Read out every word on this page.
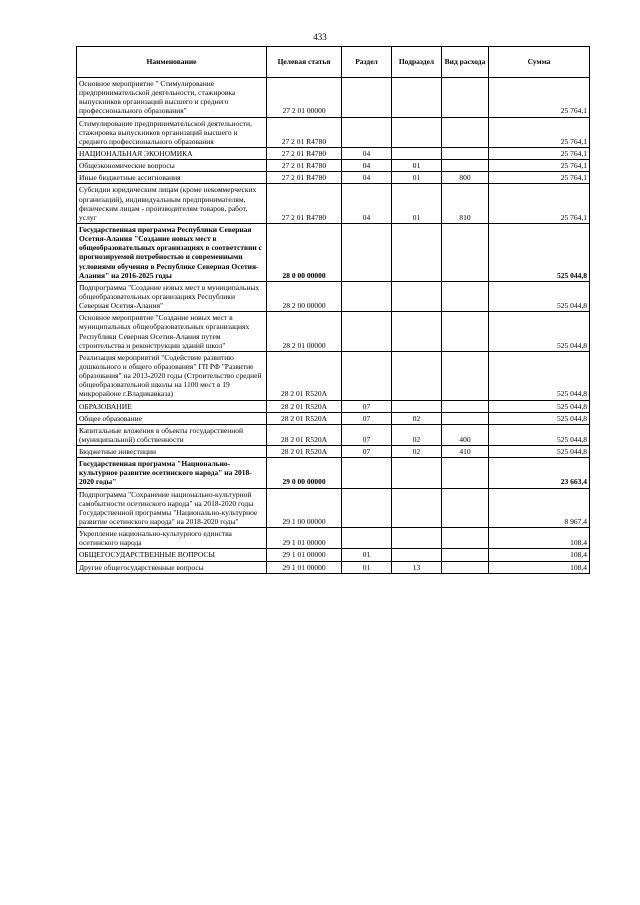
433
Наименование	Целевая статья	Раздел	Подраздел	Вид расхода	Сумма
Основное мероприятие " Стимулирование предпринимательской деятельности, стажировка выпускников организаций высшего и среднего профессионального образования"	27 2 01 00000				25 764,1
Стимулирование предпринимательской деятельности, стажировка выпускников организаций высшего и среднего профессионального образования	27 2 01 R4780				25 764,1
НАЦИОНАЛЬНАЯ ЭКОНОМИКА	27 2 01 R4780	04			25 764,1
Общеэкономические вопросы	27 2 01 R4780	04	01		25 764,1
Иные бюджетные ассигнования	27 2 01 R4780	04	01	800	25 764,1
Субсидии юридическим лицам (кроме некоммерческих организаций), индивидуальным предпринимателям, физическим лицам - производителям товаров, работ, услуг	27 2 01 R4780	04	01	810	25 764,1
Государственная программа Республики Северная Осетия-Алания "Создание новых мест в общеобразовательных организациях в соответствии с прогнозируемой потребностью и современными условиями обучения в Республике Северная Осетия-Алания" на 2016-2025 годы	28 0 00 00000				525 044,8
Подпрограмма "Создание новых мест в муниципальных общеобразовательных организациях Республики Северная Осетия-Алания"	28 2 00 00000				525 044,8
Основное мероприятие "Создание новых мест в муниципальных общеобразовательных организациях Республики Северная Осетия-Алания путем строительства и реконструкции зданий школ"	28 2 01 00000				525 044,8
Реализация мероприятий "Содействие развитию дошкольного и общего образования" ГП РФ "Развитие образования" на 2013-2020 годы (Строительство средней общеобразовательной школы на 1100 мест в 19 микрорайоне г.Владикавказа)	28 2 01 R520A				525 044,8
ОБРАЗОВАНИЕ	28 2 01 R520A	07			525 044,8
Общее образование	28 2 01 R520A	07	02		525 044,8
Капитальные вложения в объекты государственной (муниципальной) собственности	28 2 01 R520A	07	02	400	525 044,8
Бюджетные инвестиции	28 2 01 R520A	07	02	410	525 044,8
Государственная программа "Национально-культурное развитие осетинского народа" на 2018-2020 годы"	29 0 00 00000				23 663,4
Подпрограмма "Сохранение национально-культурной самобытности осетинского народа" на 2018-2020 годы Государственной программы "Национально-культурное развитие осетинского народа" на 2018-2020 годы"	29 1 00 00000				8 967,4
Укрепление национально-культурного единства осетинского народа	29 1 01 00000				108,4
ОБЩЕГОСУДАРСТВЕННЫЕ ВОПРОСЫ	29 1 01 00000	01			108,4
Другие общегосударственные вопросы	29 1 01 00000	01	13		108,4
